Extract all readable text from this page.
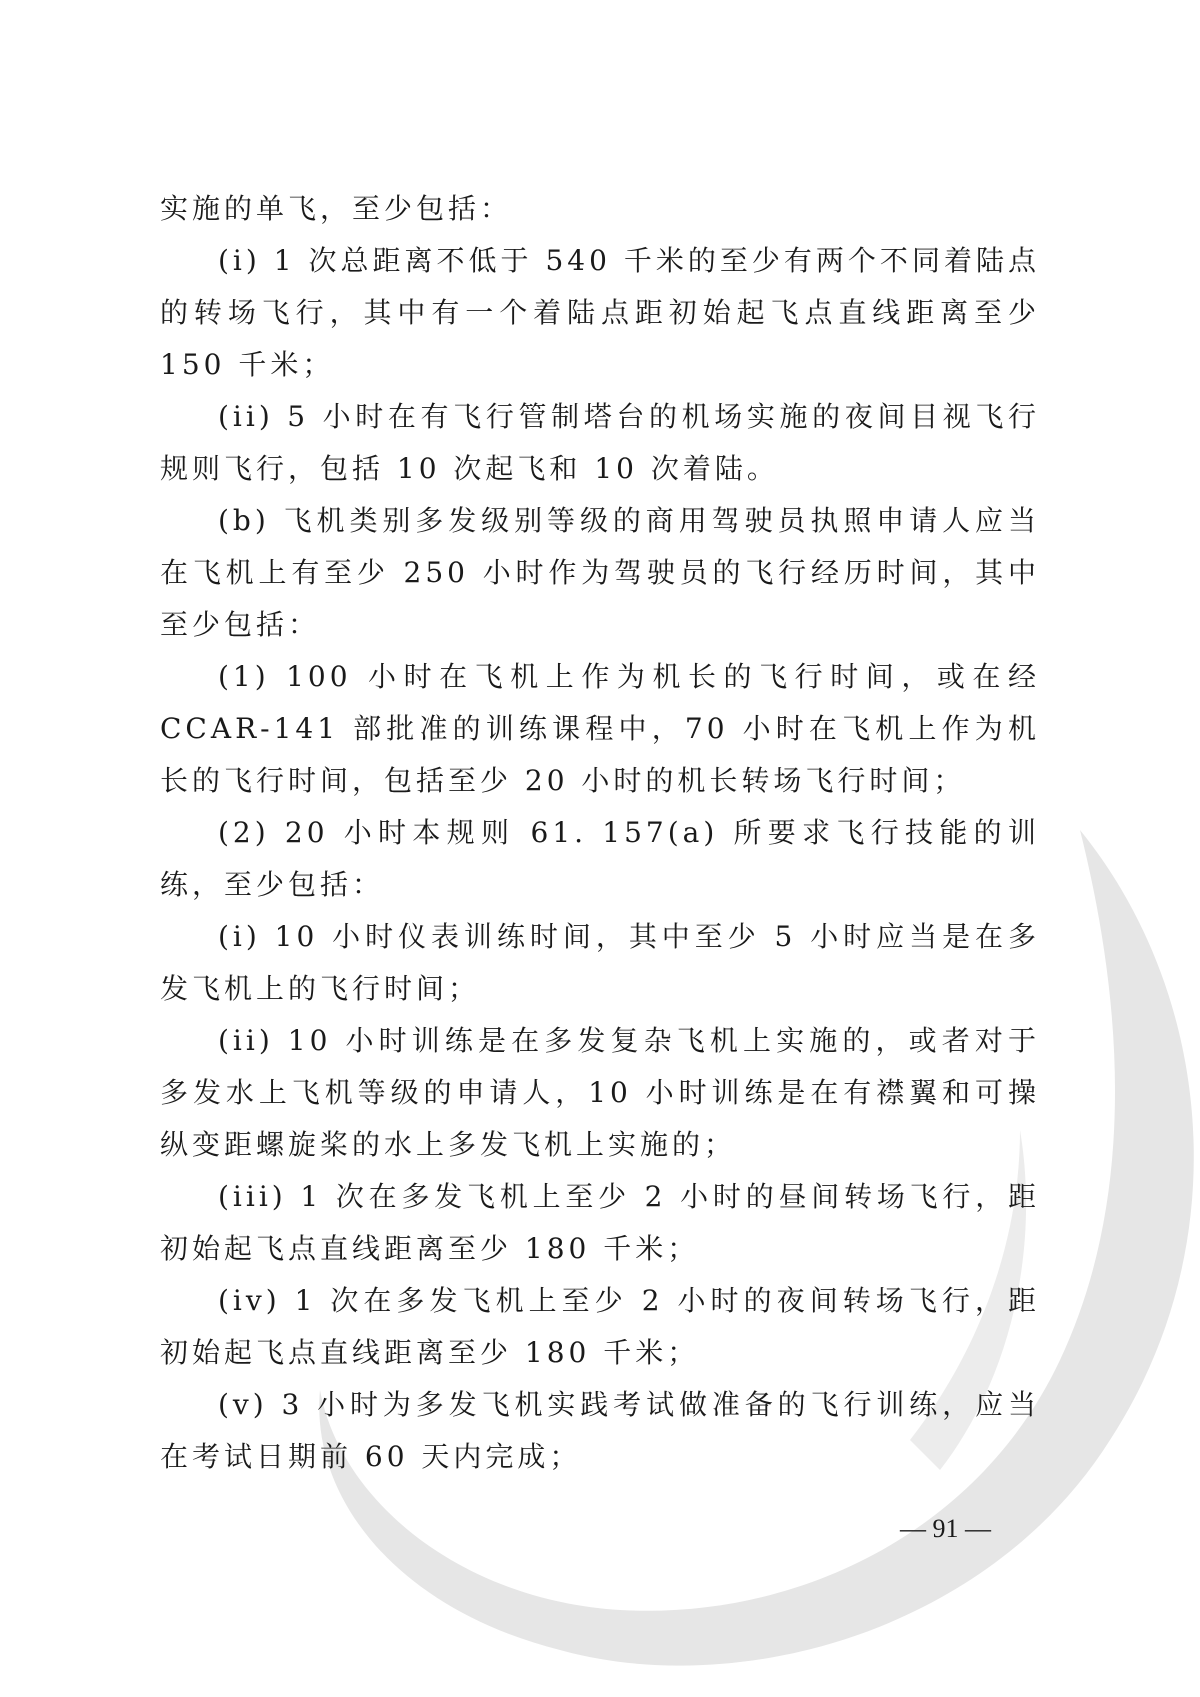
实施的单飞，至少包括：

(i) 1 次总距离不低于 540 千米的至少有两个不同着陆点的转场飞行，其中有一个着陆点距初始起飞点直线距离至少 150 千米；

(ii) 5 小时在有飞行管制塔台的机场实施的夜间目视飞行规则飞行，包括 10 次起飞和 10 次着陆。

(b) 飞机类别多发级别等级的商用驾驶员执照申请人应当在飞机上有至少 250 小时作为驾驶员的飞行经历时间，其中至少包括：

(1) 100 小时在飞机上作为机长的飞行时间，或在经 CCAR-141 部批准的训练课程中，70 小时在飞机上作为机长的飞行时间，包括至少 20 小时的机长转场飞行时间；

(2) 20 小时本规则 61. 157(a) 所要求飞行技能的训练，至少包括：

(i) 10 小时仪表训练时间，其中至少 5 小时应当是在多发飞机上的飞行时间；

(ii) 10 小时训练是在多发复杂飞机上实施的，或者对于多发水上飞机等级的申请人，10 小时训练是在有襟翼和可操纵变距螺旋桨的水上多发飞机上实施的；

(iii) 1 次在多发飞机上至少 2 小时的昼间转场飞行，距初始起飞点直线距离至少 180 千米；

(iv) 1 次在多发飞机上至少 2 小时的夜间转场飞行，距初始起飞点直线距离至少 180 千米；

(v) 3 小时为多发飞机实践考试做准备的飞行训练，应当在考试日期前 60 天内完成；

— 91 —
